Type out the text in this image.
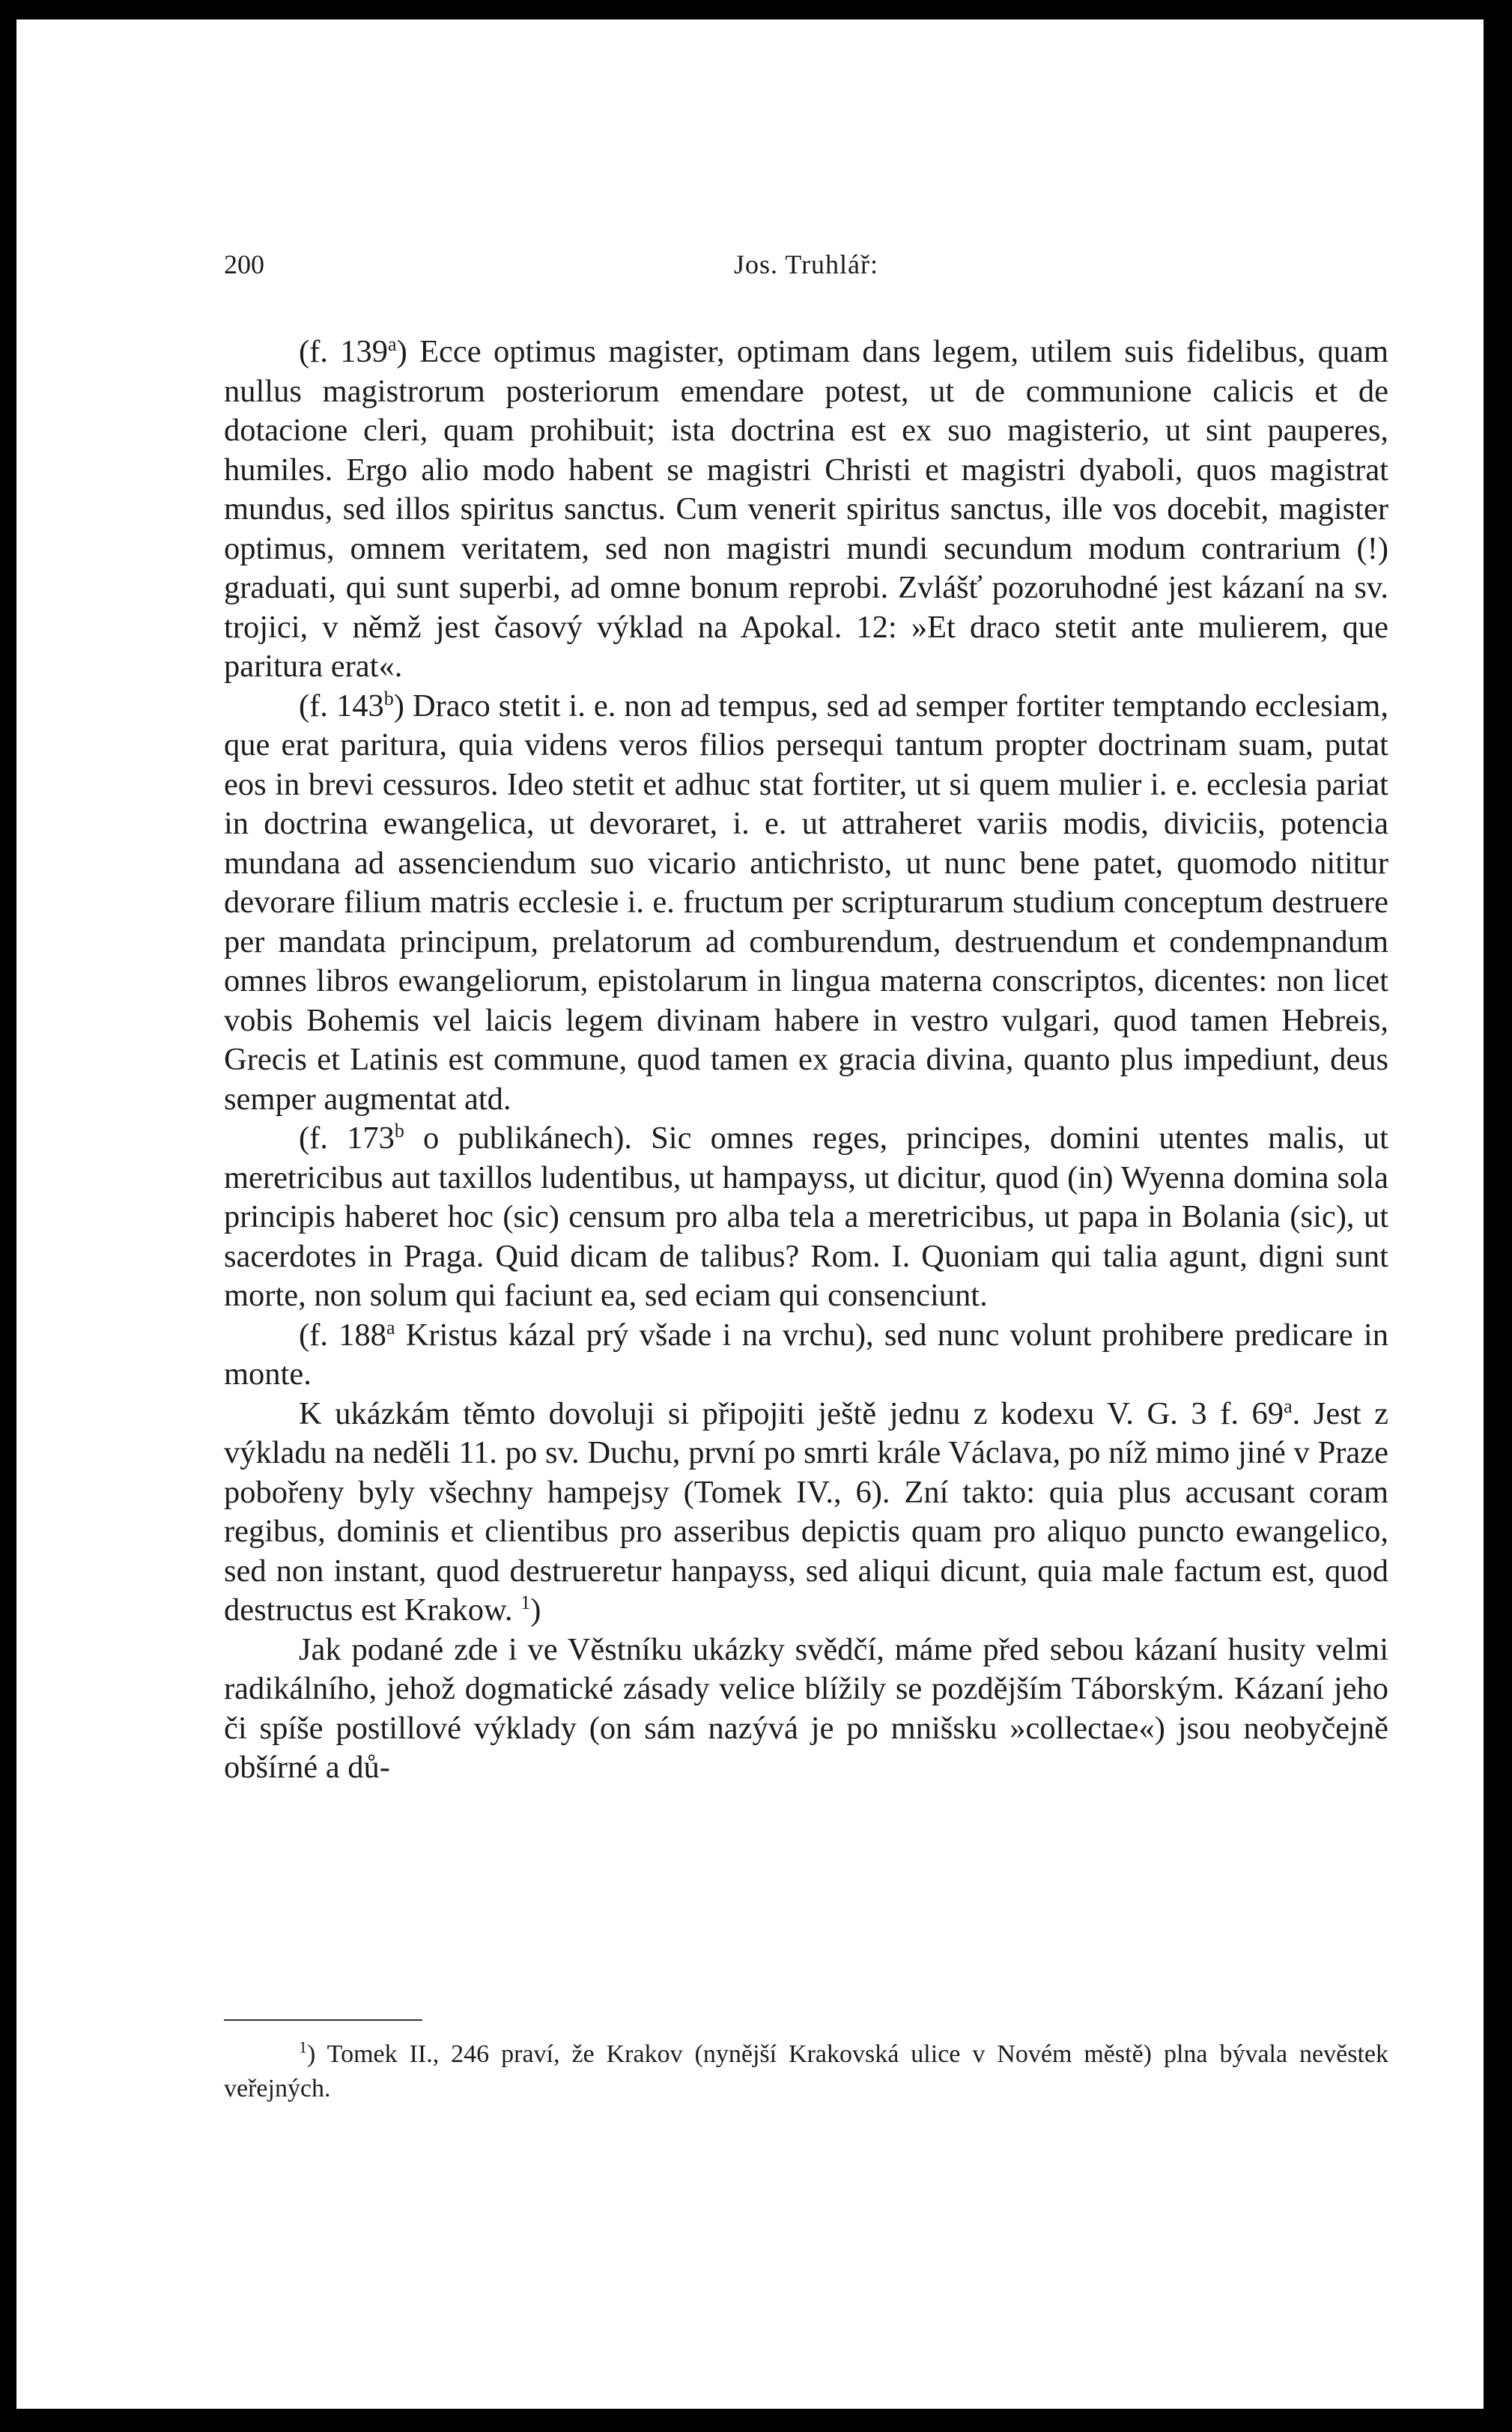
200	Jos. Truhlář:

(f. 139$^a$) Ecce optimus magister, optimam dans legem, utilem suis fidelibus, quam nullus magistrorum posteriorum emendare potest, ut de communione calicis et de dotacione cleri, quam prohibuit; ista doctrina est ex suo magisterio, ut sint pauperes, humiles. Ergo alio modo habent se magistri Christi et magistri dyaboli, quos magistrat mundus, sed illos spiritus sanctus. Cum venerit spiritus sanctus, ille vos docebit, magister optimus, omnem veritatem, sed non magistri mundi secundum modum contrarium (!) graduati, qui sunt superbi, ad omne bonum reprobi. Zvlášť pozoruhodné jest kázaní na sv. trojici, v němž jest časový výklad na Apokal. 12: »Et draco stetit ante mulierem, que paritura erat«.

(f. 143$^b$) Draco stetit i. e. non ad tempus, sed ad semper fortiter temptando ecclesiam, que erat paritura, quia videns veros filios persequi tantum propter doctrinam suam, putat eos in brevi cessuros. Ideo stetit et adhuc stat fortiter, ut si quem mulier i. e. ecclesia pariat in doctrina ewangelica, ut devoraret, i. e. ut attraheret variis modis, diviciis, potencia mundana ad assenciendum suo vicario antichristo, ut nunc bene patet, quomodo nititur devorare filium matris ecclesie i. e. fructum per scripturarum studium conceptum destruere per mandata principum, prelatorum ad comburendum, destruendum et condempnandum omnes libros ewangeliorum, epistolarum in lingua materna conscriptos, dicentes: non licet vobis Bohemis vel laicis legem divinam habere in vestro vulgari, quod tamen Hebreis, Grecis et Latinis est commune, quod tamen ex gracia divina, quanto plus impediunt, deus semper augmentat atd.

(f. 173$^b$ o publikánech). Sic omnes reges, principes, domini utentes malis, ut meretricibus aut taxillos ludentibus, ut hampayss, ut dicitur, quod (in) Wyenna domina sola principis haberet hoc (sic) censum pro alba tela a meretricibus, ut papa in Bolania (sic), ut sacerdotes in Praga. Quid dicam de talibus? Rom. I. Quoniam qui talia agunt, digni sunt morte, non solum qui faciunt ea, sed eciam qui consenciunt.

(f. 188$^a$ Kristus kázal prý všade i na vrchu), sed nunc volunt prohibere predicare in monte.

K ukázkám těmto dovoluji si připojiti ještě jednu z kodexu V. G. 3 f. 69$^a$. Jest z výkladu na neděli 11. po sv. Duchu, první po smrti krále Václava, po níž mimo jiné v Praze pobořeny byly všechny hampejsy (Tomek IV., 6). Zní takto: quia plus accusant coram regibus, dominis et clientibus pro asseribus depictis quam pro aliquo puncto ewangelico, sed non instant, quod destrueretur hanpayss, sed aliqui dicunt, quia male factum est, quod destructus est Krakow. $^1$)

Jak podané zde i ve Věstníku ukázky svědčí, máme před sebou kázaní husity velmi radikálního, jehož dogmatické zásady velice blížily se pozdějším Táborským. Kázaní jeho či spíše postillové výklady (on sám nazývá je po mnišsku »collectae«) jsou neobyčejně obšírné a dů-

$^1$) Tomek II., 246 praví, že Krakov (nynější Krakovská ulice v Novém městě) plna bývala nevěstek veřejných.
